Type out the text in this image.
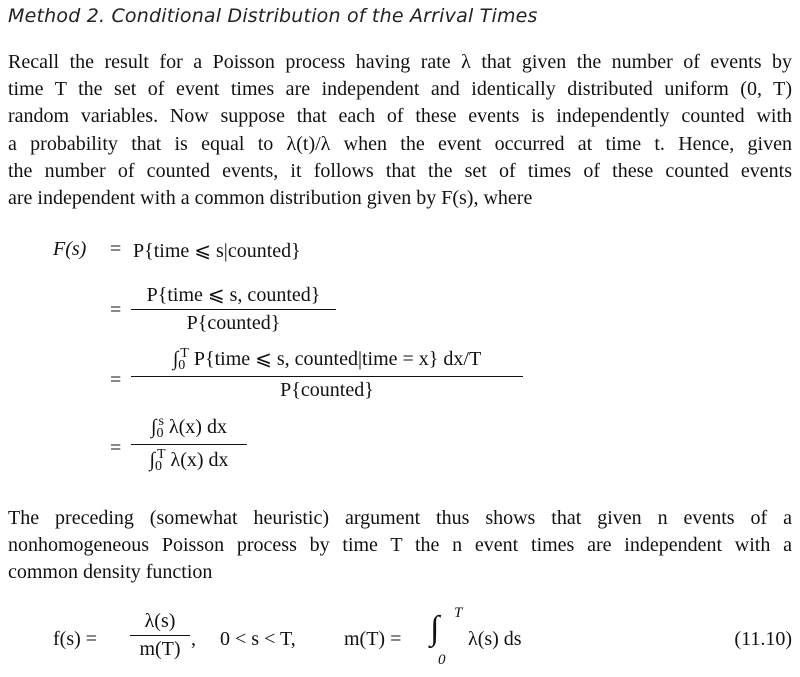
Method 2. Conditional Distribution of the Arrival Times
Recall the result for a Poisson process having rate λ that given the number of events by
time T the set of event times are independent and identically distributed uniform (0, T)
random variables. Now suppose that each of these events is independently counted with
a probability that is equal to λ(t)/λ when the event occurred at time t. Hence, given
the number of counted events, it follows that the set of times of these counted events
are independent with a common distribution given by F(s), where
F(s) = P{time ⩽ s|counted}
=
P{time ⩽ s, counted}
P{counted}
=
$\int_0^T$ P{time ⩽ s, counted|time = x} dx/T
P{counted}
= $\frac{\int_0^s \lambda(x) dx}{\int_0^T \lambda(x) dx}$
The preceding (somewhat heuristic) argument thus shows that given n events of a
nonhomogeneous Poisson process by time T the n event times are independent with a
common density function
$f(s) = \frac{\lambda(s)}{m(T)}$ , 0 < s < T, m(T) = ∫ T
0
λ(s) ds	(11.10)
